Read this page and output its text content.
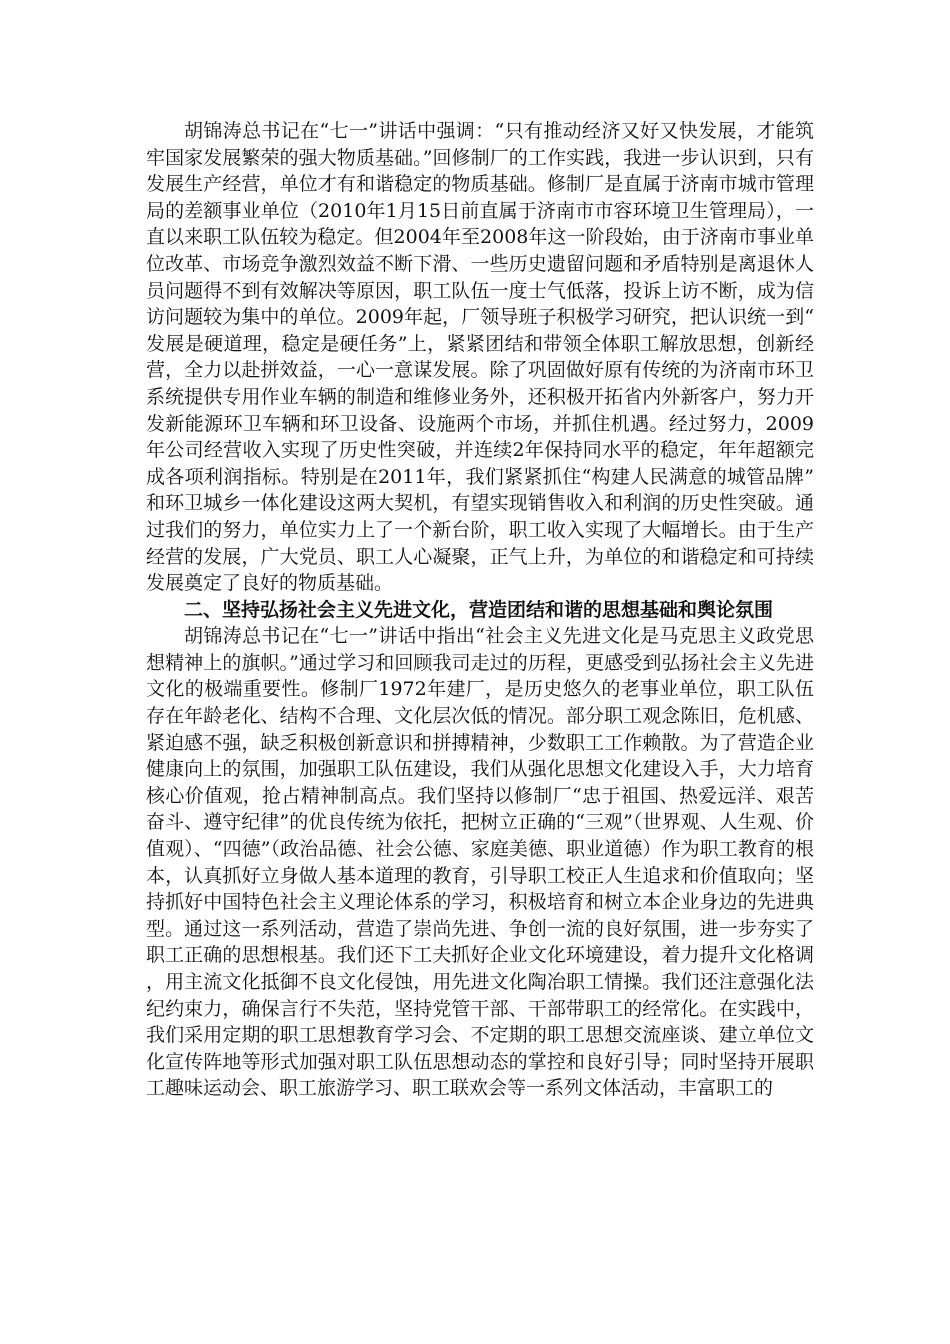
胡锦涛总书记在“七一”讲话中强调：“只有推动经济又好又快发展，才能筑牢国家发展繁荣的强大物质基础。”回修制厂的工作实践，我进一步认识到，只有发展生产经营，单位才有和谐稳定的物质基础。修制厂是直属于济南市城市管理局的差额事业单位（2010年1月15日前直属于济南市市容环境卫生管理局），一直以来职工队伍较为稳定。但2004年至2008年这一阶段始，由于济南市事业单位改革、市场竞争激烈效益不断下滑、一些历史遗留问题和矛盾特别是离退休人员问题得不到有效解决等原因，职工队伍一度士气低落，投诉上访不断，成为信访问题较为集中的单位。2009年起，厂领导班子积极学习研究，把认识统一到“发展是硬道理，稳定是硬任务”上，紧紧团结和带领全体职工解放思想，创新经营，全力以赴拼效益，一心一意谋发展。除了巩固做好原有传统的为济南市环卫系统提供专用作业车辆的制造和维修业务外，还积极开拓省内外新客户，努力开发新能源环卫车辆和环卫设备、设施两个市场，并抓住机遇。经过努力，2009年公司经营收入实现了历史性突破，并连续2年保持同水平的稳定，年年超额完成各项利润指标。特别是在2011年，我们紧紧抓住“构建人民满意的城管品牌”和环卫城乡一体化建设这两大契机，有望实现销售收入和利润的历史性突破。通过我们的努力，单位实力上了一个新台阶，职工收入实现了大幅增长。由于生产经营的发展，广大党员、职工人心凝聚，正气上升，为单位的和谐稳定和可持续发展奠定了良好的物质基础。

二、坚持弘扬社会主义先进文化，营造团结和谐的思想基础和舆论氛围

胡锦涛总书记在“七一”讲话中指出“社会主义先进文化是马克思主义政党思想精神上的旗帜。”通过学习和回顾我司走过的历程，更感受到弘扬社会主义先进文化的极端重要性。修制厂1972年建厂，是历史悠久的老事业单位，职工队伍存在年龄老化、结构不合理、文化层次低的情况。部分职工观念陈旧，危机感、紧迫感不强，缺乏积极创新意识和拼搏精神，少数职工工作赖散。为了营造企业健康向上的氛围，加强职工队伍建设，我们从强化思想文化建设入手，大力培育核心价值观，抢占精神制高点。我们坚持以修制厂“忠于祖国、热爱远洋、艰苦奋斗、遵守纪律”的优良传统为依托，把树立正确的“三观”（世界观、人生观、价值观）、“四德”（政治品德、社会公德、家庭美德、职业道德）作为职工教育的根本，认真抓好立身做人基本道理的教育，引导职工校正人生追求和价值取向；坚持抓好中国特色社会主义理论体系的学习，积极培育和树立本企业身边的先进典型。通过这一系列活动，营造了崇尚先进、争创一流的良好氛围，进一步夯实了职工正确的思想根基。我们还下工夫抓好企业文化环境建设，着力提升文化格调，用主流文化抵御不良文化侵蚀，用先进文化陶冶职工情操。我们还注意强化法纪约束力，确保言行不失范，坚持党管干部、干部带职工的经常化。在实践中，我们采用定期的职工思想教育学习会、不定期的职工思想交流座谈、建立单位文化宣传阵地等形式加强对职工队伍思想动态的掌控和良好引导；同时坚持开展职工趣味运动会、职工旅游学习、职工联欢会等一系列文体活动，丰富职工的
